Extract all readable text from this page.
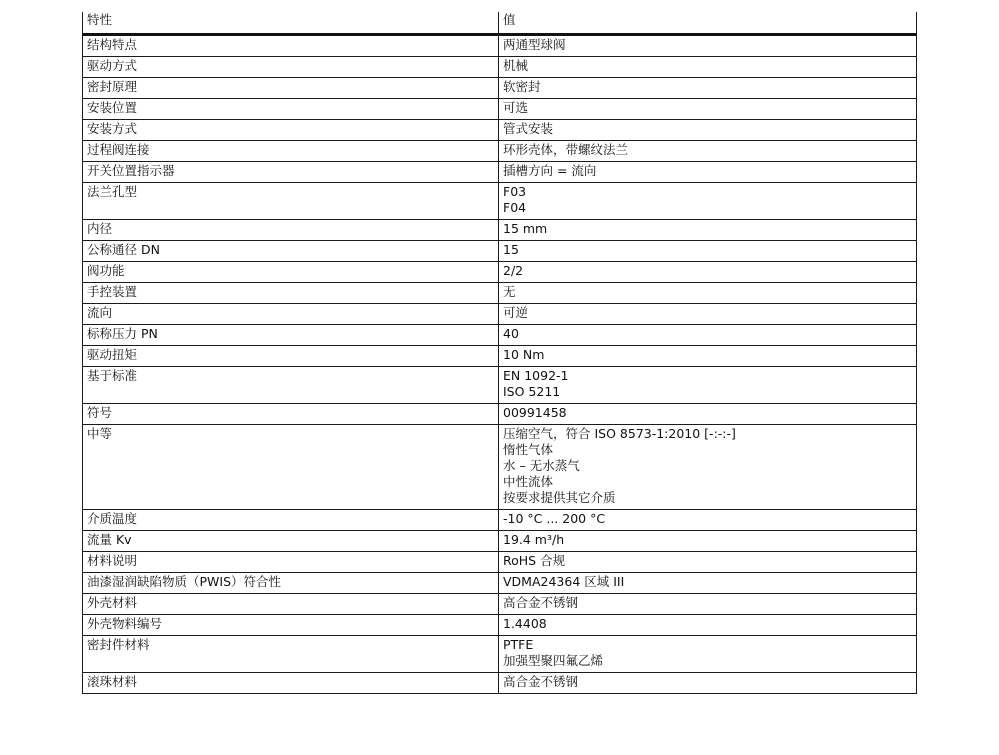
特性	值
结构特点	两通型球阀

驱动方式	机械

密封原理	软密封

安装位置	可选

安装方式	管式安装

过程阀连接	环形壳体，带螺纹法兰

开关位置指示器	插槽方向 = 流向

法兰孔型	F03
F04

内径	15 mm

公称通径 DN	15

阀功能	2/2

手控装置	无

流向	可逆

标称压力 PN	40

驱动扭矩	10 Nm

基于标准	EN 1092-1
ISO 5211

符号	00991458

中等	压缩空气，符合 ISO 8573-1:2010 [-:-:-]
惰性气体
水 – 无水蒸气
中性流体
按要求提供其它介质

介质温度	-10 °C ... 200 °C

流量 Kv	19.4 m³/h

材料说明	RoHS 合规

油漆湿润缺陷物质（PWIS）符合性	VDMA24364 区域 III

外壳材料	高合金不锈钢

外壳物料编号	1.4408

密封件材料	PTFE
加强型聚四氟乙烯

滚珠材料	高合金不锈钢
